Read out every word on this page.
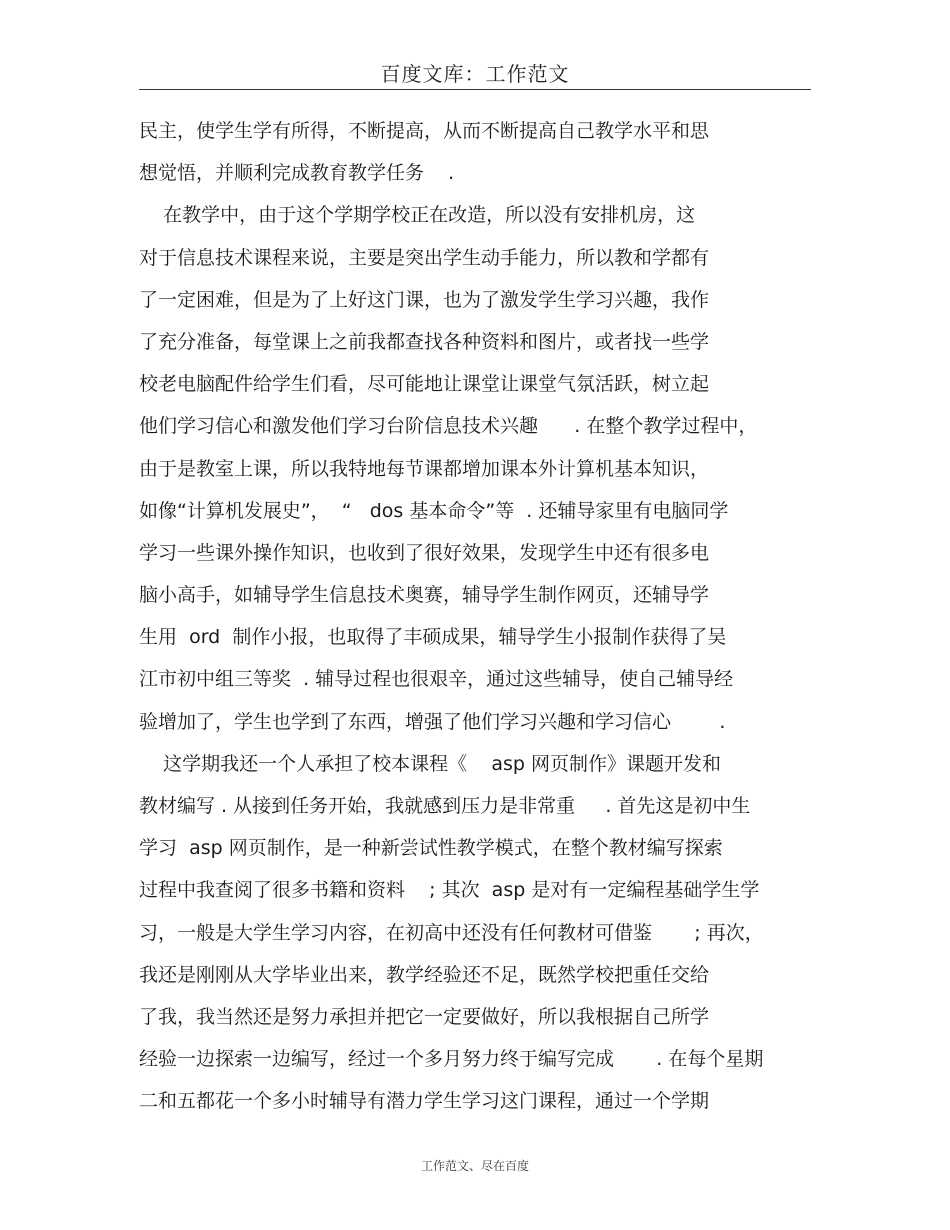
百度文库：工作范文
民主，使学生学有所得，不断提高，从而不断提高自己教学水平和思
想觉悟，并顺利完成教育教学任务    .
在教学中，由于这个学期学校正在改造，所以没有安排机房，这
对于信息技术课程来说，主要是突出学生动手能力，所以教和学都有
了一定困难，但是为了上好这门课，也为了激发学生学习兴趣，我作
了充分准备，每堂课上之前我都查找各种资料和图片，或者找一些学
校老电脑配件给学生们看，尽可能地让课堂让课堂气氛活跃，树立起
他们学习信心和激发他们学习台阶信息技术兴趣      . 在整个教学过程中，
由于是教室上课，所以我特地每节课都增加课本外计算机基本知识，
如像“计算机发展史”，  “   dos 基本命令”等  . 还辅导家里有电脑同学
学习一些课外操作知识，也收到了很好效果，发现学生中还有很多电
脑小高手，如辅导学生信息技术奥赛，辅导学生制作网页，还辅导学
生用  ord  制作小报，也取得了丰硕成果，辅导学生小报制作获得了吴
江市初中组三等奖  . 辅导过程也很艰辛，通过这些辅导，使自己辅导经
验增加了，学生也学到了东西，增强了他们学习兴趣和学习信心        .
这学期我还一个人承担了校本课程《    asp 网页制作》课题开发和
教材编写 . 从接到任务开始，我就感到压力是非常重     . 首先这是初中生
学习  asp 网页制作，是一种新尝试性教学模式，在整个教材编写探索
过程中我查阅了很多书籍和资料    ; 其次  asp 是对有一定编程基础学生学
习，一般是大学生学习内容，在初高中还没有任何教材可借鉴       ; 再次，
我还是刚刚从大学毕业出来，教学经验还不足，既然学校把重任交给
了我，我当然还是努力承担并把它一定要做好，所以我根据自己所学
经验一边探索一边编写，经过一个多月努力终于编写完成       . 在每个星期
二和五都花一个多小时辅导有潜力学生学习这门课程，通过一个学期
工作范文、尽在百度
